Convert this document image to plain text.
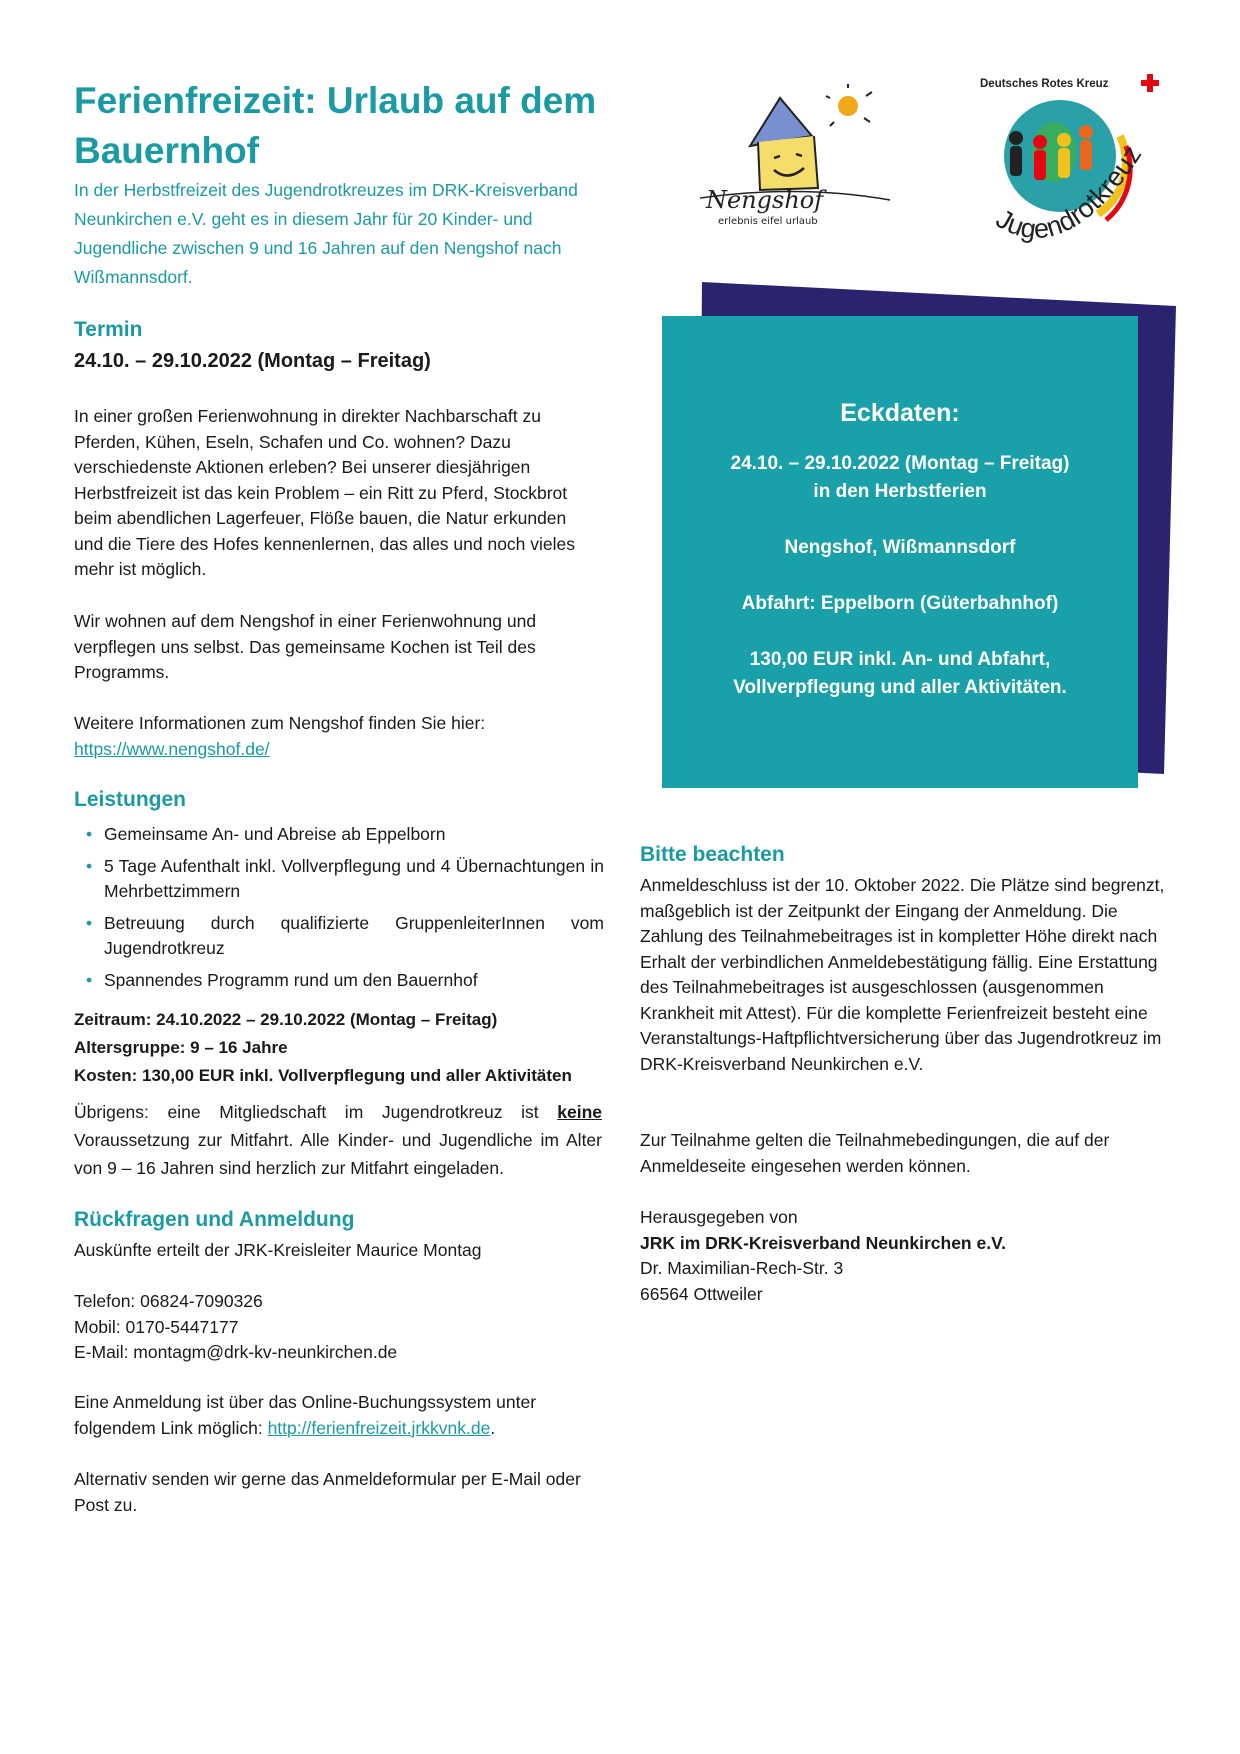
Ferienfreizeit: Urlaub auf dem Bauernhof
In der Herbstfreizeit des Jugendrotkreuzes im DRK-Kreisverband Neunkirchen e.V. geht es in diesem Jahr für 20 Kinder- und Jugendliche zwischen 9 und 16 Jahren auf den Nengshof nach Wißmannsdorf.
Nengshof
erlebnis eifel urlaub
Deutsches Rotes Kreuz
Jugendrotkreuz
Termin
24.10. – 29.10.2022 (Montag – Freitag)
In einer großen Ferienwohnung in direkter Nachbarschaft zu Pferden, Kühen, Eseln, Schafen und Co. wohnen? Dazu verschiedenste Aktionen erleben? Bei unserer diesjährigen Herbstfreizeit ist das kein Problem – ein Ritt zu Pferd, Stockbrot beim abendlichen Lagerfeuer, Flöße bauen, die Natur erkunden und die Tiere des Hofes kennenlernen, das alles und noch vieles mehr ist möglich.
Wir wohnen auf dem Nengshof in einer Ferienwohnung und verpflegen uns selbst. Das gemeinsame Kochen ist Teil des Programms.
Weitere Informationen zum Nengshof finden Sie hier:
https://www.nengshof.de/
Leistungen
• Gemeinsame An- und Abreise ab Eppelborn
• 5 Tage Aufenthalt inkl. Vollverpflegung und 4 Übernachtungen in Mehrbettzimmern
• Betreuung durch qualifizierte GruppenleiterInnen vom Jugendrotkreuz
• Spannendes Programm rund um den Bauernhof
Zeitraum: 24.10.2022 – 29.10.2022 (Montag – Freitag)
Altersgruppe: 9 – 16 Jahre
Kosten: 130,00 EUR inkl. Vollverpflegung und aller Aktivitäten
Übrigens: eine Mitgliedschaft im Jugendrotkreuz ist keine Voraussetzung zur Mitfahrt. Alle Kinder- und Jugendliche im Alter von 9 – 16 Jahren sind herzlich zur Mitfahrt eingeladen.
Rückfragen und Anmeldung
Auskünfte erteilt der JRK-Kreisleiter Maurice Montag
Telefon: 06824-7090326
Mobil: 0170-5447177
E-Mail: montagm@drk-kv-neunkirchen.de
Eine Anmeldung ist über das Online-Buchungssystem unter folgendem Link möglich: http://ferienfreizeit.jrkkvnk.de.
Alternativ senden wir gerne das Anmeldeformular per E-Mail oder Post zu.
Eckdaten:
24.10. – 29.10.2022 (Montag – Freitag)
in den Herbstferien
Nengshof, Wißmannsdorf
Abfahrt: Eppelborn (Güterbahnhof)
130,00 EUR inkl. An- und Abfahrt,
Vollverpflegung und aller Aktivitäten.
Bitte beachten
Anmeldeschluss ist der 10. Oktober 2022. Die Plätze sind begrenzt, maßgeblich ist der Zeitpunkt der Eingang der Anmeldung. Die Zahlung des Teilnahmebeitrages ist in kompletter Höhe direkt nach Erhalt der verbindlichen Anmeldebestätigung fällig. Eine Erstattung des Teilnahmebeitrages ist ausgeschlossen (ausgenommen Krankheit mit Attest). Für die komplette Ferienfreizeit besteht eine Veranstaltungs-Haftpflichtversicherung über das Jugendrotkreuz im DRK-Kreisverband Neunkirchen e.V.
Zur Teilnahme gelten die Teilnahmebedingungen, die auf der Anmeldeseite eingesehen werden können.
Herausgegeben von
JRK im DRK-Kreisverband Neunkirchen e.V.
Dr. Maximilian-Rech-Str. 3
66564 Ottweiler
